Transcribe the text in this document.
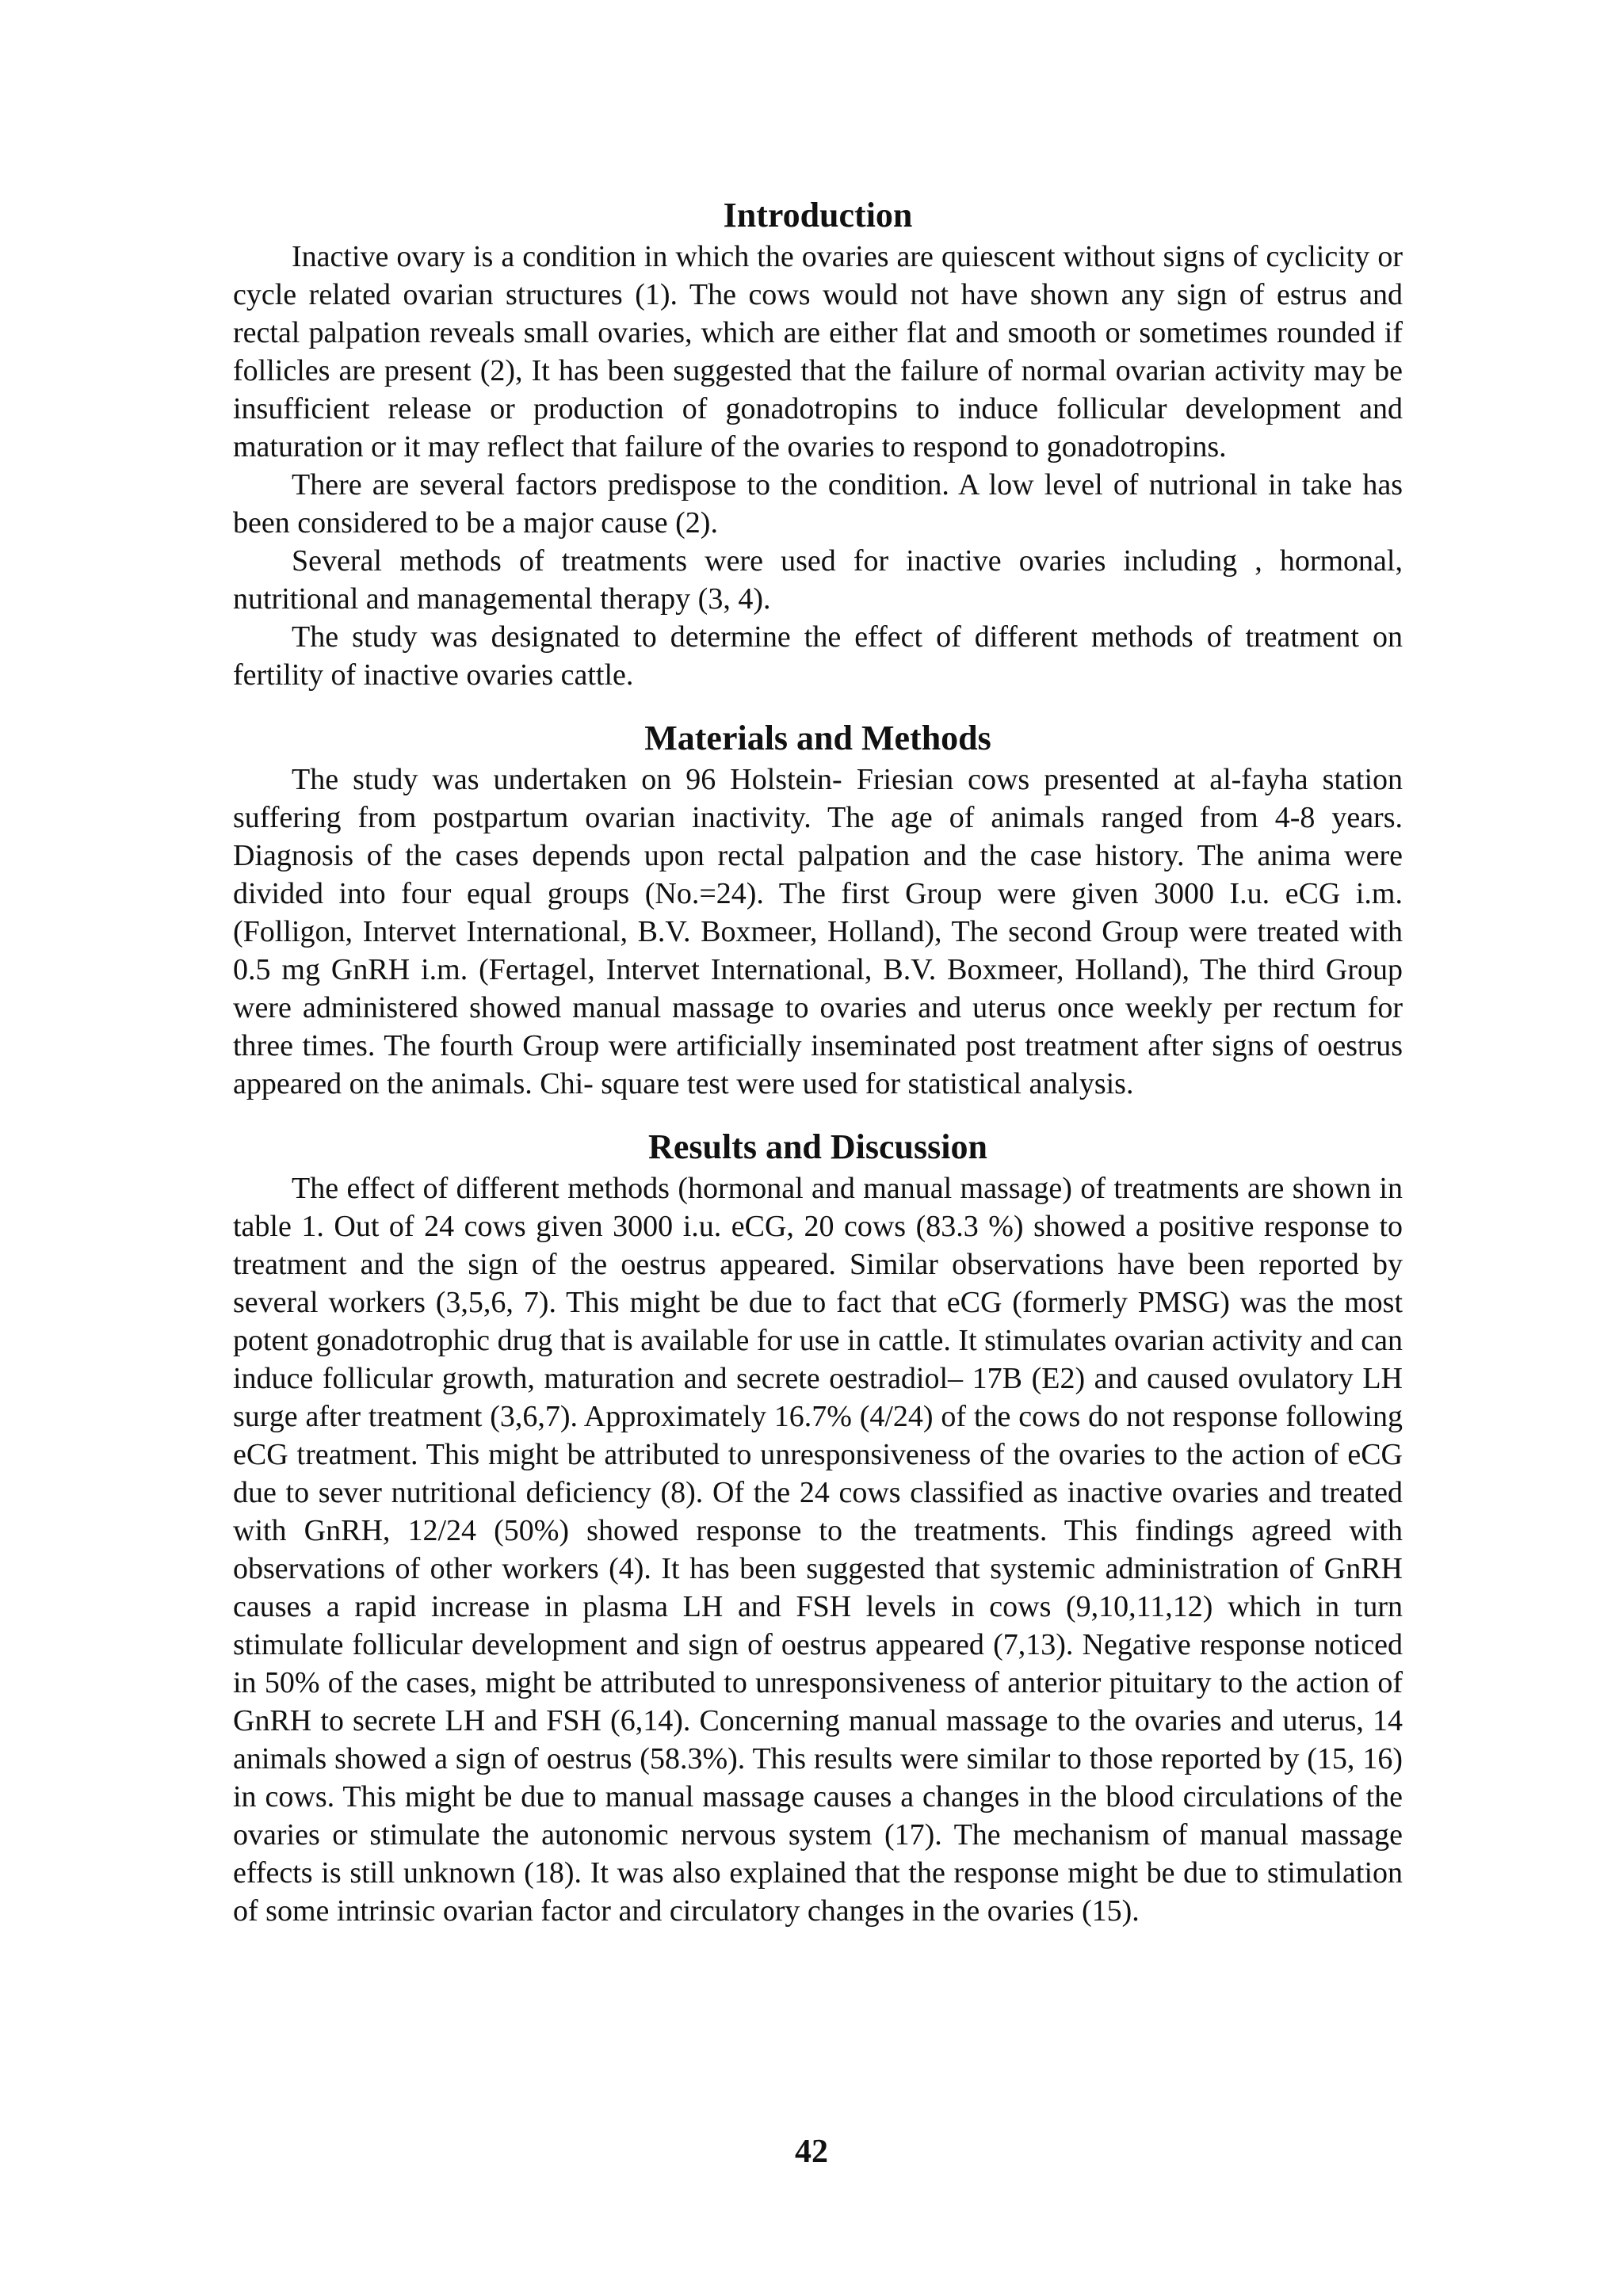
Introduction

Inactive ovary is a condition in which the ovaries are quiescent without signs of cyclicity or cycle related ovarian structures (1). The cows would not have shown any sign of estrus and rectal palpation reveals small ovaries, which are either flat and smooth or sometimes rounded if follicles are present (2), It has been suggested that the failure of normal ovarian activity may be insufficient release or production of gonadotropins to induce follicular development and maturation or it may reflect that failure of the ovaries to respond to gonadotropins.

There are several factors predispose to the condition. A low level of nutrional in take has been considered to be a major cause (2).

Several methods of treatments were used for inactive ovaries including , hormonal, nutritional and managemental therapy (3, 4).

The study was designated to determine the effect of different methods of treatment on fertility of inactive ovaries cattle.

Materials and Methods

The study was undertaken on 96 Holstein- Friesian cows presented at al-fayha station suffering from postpartum ovarian inactivity. The age of animals ranged from 4-8 years. Diagnosis of the cases depends upon rectal palpation and the case history. The anima were divided into four equal groups (No.=24). The first Group were given 3000 I.u. eCG i.m. (Folligon, Intervet International, B.V. Boxmeer, Holland), The second Group were treated with 0.5 mg GnRH i.m. (Fertagel, Intervet International, B.V. Boxmeer, Holland), The third Group were administered showed manual massage to ovaries and uterus once weekly per rectum for three times. The fourth Group were artificially inseminated post treatment after signs of oestrus appeared on the animals. Chi- square test were used for statistical analysis.

Results and Discussion

The effect of different methods (hormonal and manual massage) of treatments are shown in table 1. Out of 24 cows given 3000 i.u. eCG, 20 cows (83.3 %) showed a positive response to treatment and the sign of the oestrus appeared. Similar observations have been reported by several workers (3,5,6, 7). This might be due to fact that eCG (formerly PMSG) was the most potent gonadotrophic drug that is available for use in cattle. It stimulates ovarian activity and can induce follicular growth, maturation and secrete oestradiol– 17B (E2) and caused ovulatory LH surge after treatment (3,6,7). Approximately 16.7% (4/24) of the cows do not response following eCG treatment. This might be attributed to unresponsiveness of the ovaries to the action of eCG due to sever nutritional deficiency (8). Of the 24 cows classified as inactive ovaries and treated with GnRH, 12/24 (50%) showed response to the treatments. This findings agreed with observations of other workers (4). It has been suggested that systemic administration of GnRH causes a rapid increase in plasma LH and FSH levels in cows (9,10,11,12) which in turn stimulate follicular development and sign of oestrus appeared (7,13). Negative response noticed in 50% of the cases, might be attributed to unresponsiveness of anterior pituitary to the action of GnRH to secrete LH and FSH (6,14). Concerning manual massage to the ovaries and uterus, 14 animals showed a sign of oestrus (58.3%). This results were similar to those reported by (15, 16) in cows. This might be due to manual massage causes a changes in the blood circulations of the ovaries or stimulate the autonomic nervous system (17). The mechanism of manual massage effects is still unknown (18). It was also explained that the response might be due to stimulation of some intrinsic ovarian factor and circulatory changes in the ovaries (15).

42
